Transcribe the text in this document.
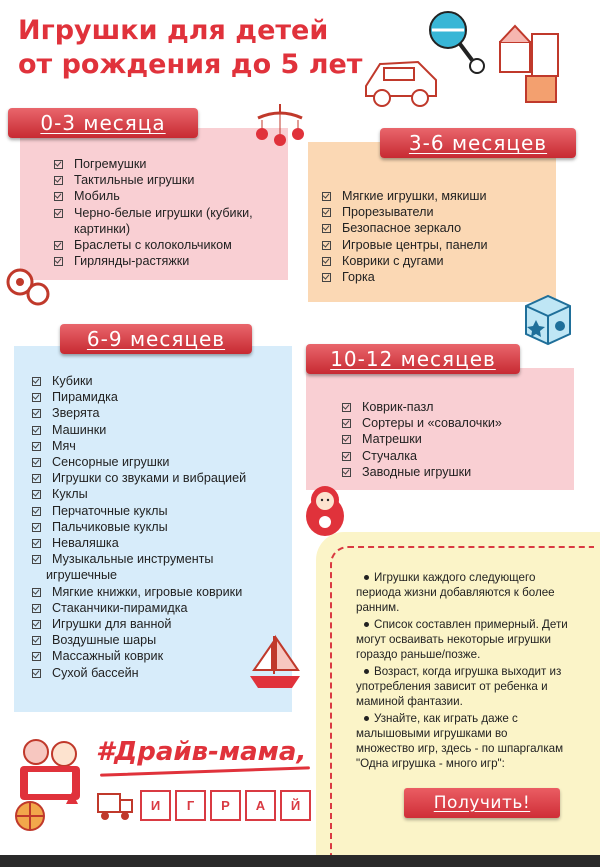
Игрушки для детей
от рождения до 5 лет
0-3 месяца
Погремушки
Тактильные игрушки
Мобиль
Черно-белые игрушки (кубики,
картинки)
Браслеты с колокольчиком
Гирлянды-растяжки
3-6 месяцев
Мягкие игрушки, мякиши
Прорезыватели
Безопасное зеркало
Игровые центры, панели
Коврики с дугами
Горка
6-9 месяцев
Кубики
Пирамидка
Зверята
Машинки
Мяч
Сенсорные игрушки
Игрушки со звуками и вибрацией
Куклы
Перчаточные куклы
Пальчиковые куклы
Неваляшка
Музыкальные инструменты
игрушечные
Мягкие книжки, игровые коврики
Стаканчики-пирамидка
Игрушки для ванной
Воздушные шары
Массажный коврик
Сухой бассейн
10-12 месяцев
Коврик-пазл
Сортеры и «совалочки»
Матрешки
Стучалка
Заводные игрушки

Игрушки каждого следующего периода жизни добавляются к более ранним.

Список составлен примерный. Дети могут осваивать некоторые игрушки гораздо раньше/позже.

Возраст, когда игрушка выходит из употребления зависит от ребенка и маминой фантазии.

Узнайте, как играть даже с малышовыми игрушками во множество игр, здесь - по шпаргалкам "Одна игрушка - много игр":

Получить!
#Драйв-мама,
И	Г	Р	А	Й
